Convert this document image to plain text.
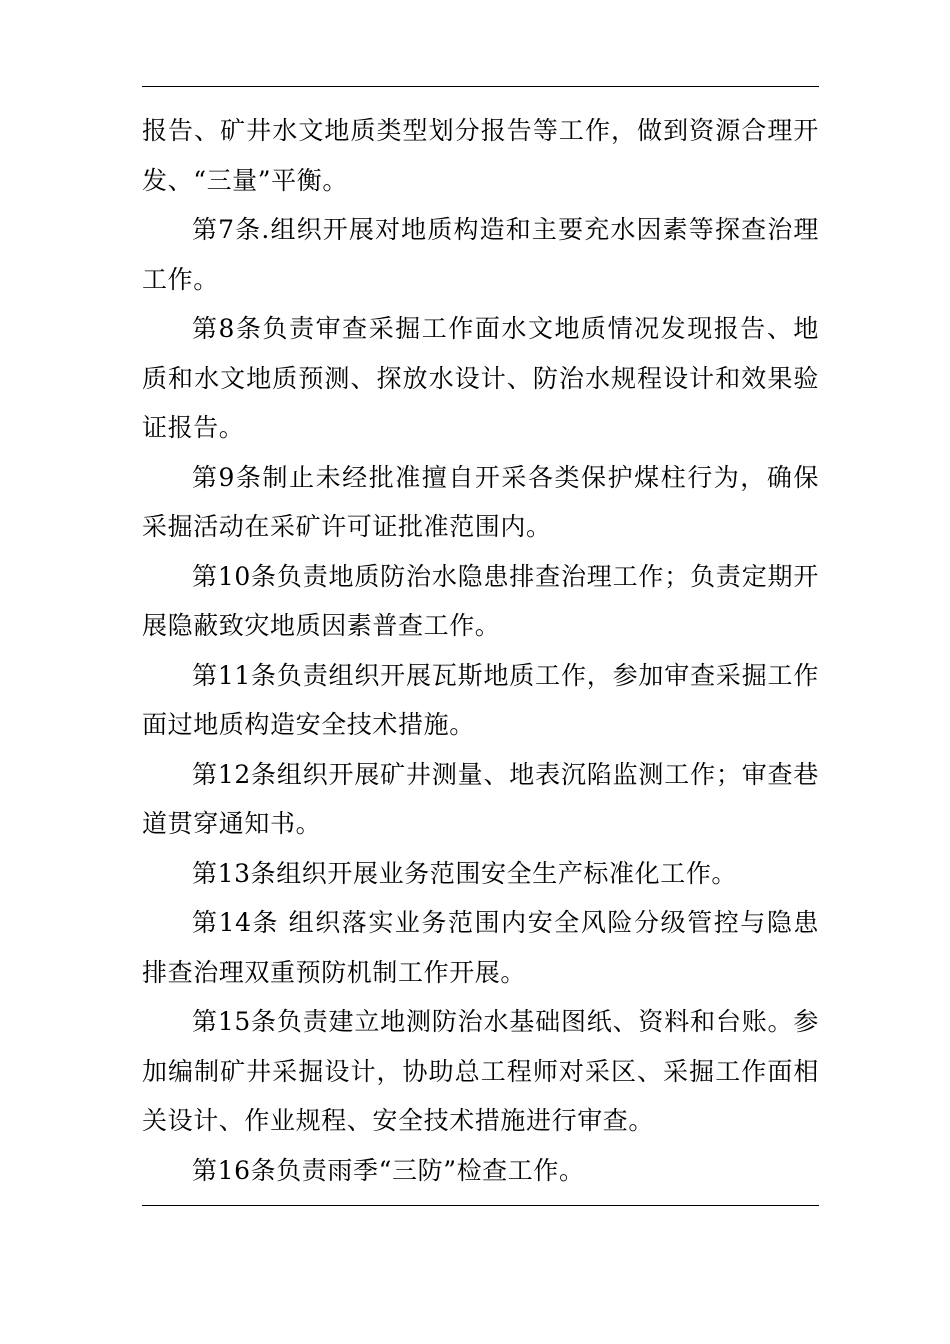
报告、矿井水文地质类型划分报告等工作，做到资源合理开发、“三量”平衡。

第7条.组织开展对地质构造和主要充水因素等探查治理工作。

第8条负责审查采掘工作面水文地质情况发现报告、地质和水文地质预测、探放水设计、防治水规程设计和效果验证报告。

第9条制止未经批准擅自开采各类保护煤柱行为，确保采掘活动在采矿许可证批准范围内。

第10条负责地质防治水隐患排查治理工作；负责定期开展隐蔽致灾地质因素普查工作。

第11条负责组织开展瓦斯地质工作，参加审查采掘工作面过地质构造安全技术措施。

第12条组织开展矿井测量、地表沉陷监测工作；审查巷道贯穿通知书。

第13条组织开展业务范围安全生产标准化工作。

第14条 组织落实业务范围内安全风险分级管控与隐患排查治理双重预防机制工作开展。

第15条负责建立地测防治水基础图纸、资料和台账。参加编制矿井采掘设计，协助总工程师对采区、采掘工作面相关设计、作业规程、安全技术措施进行审查。

第16条负责雨季“三防”检查工作。
